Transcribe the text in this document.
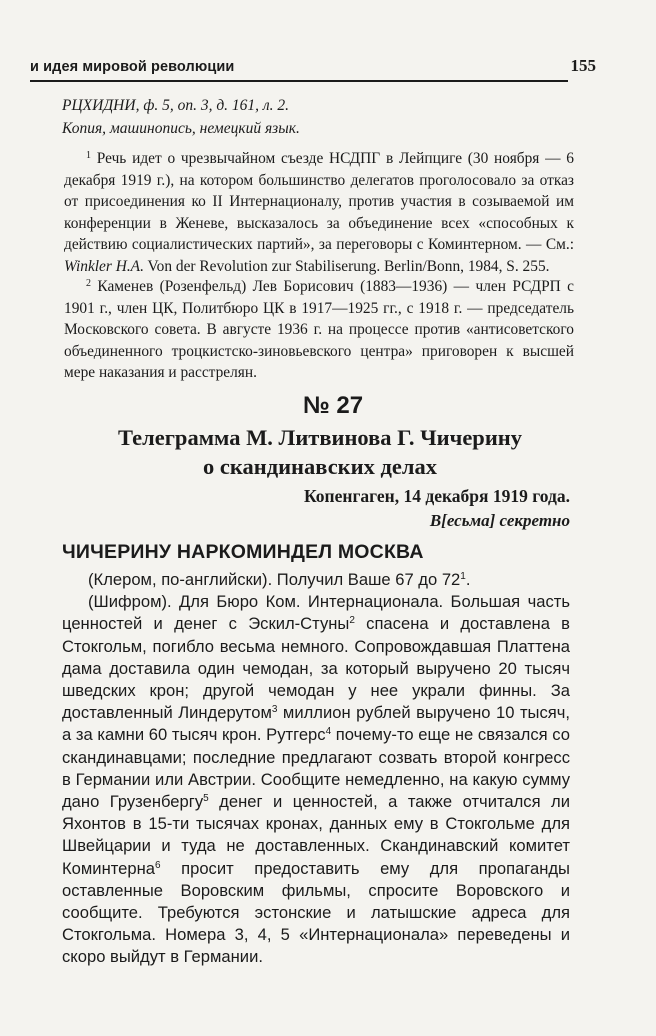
и идея мировой революции	155
РЦХИДНИ, ф. 5, оп. 3, д. 161, л. 2.
Копия, машинопись, немецкий язык.
$^1$ Речь идет о чрезвычайном съезде НСДПГ в Лейпциге (30 ноября — 6 декабря 1919 г.), на котором большинство делегатов проголосовало за отказ от присоединения ко II Интернационалу, против участия в созываемой им конференции в Женеве, высказалось за объединение всех «способных к действию социалистических партий», за переговоры с Коминтерном. — См.: Winkler H.A. Von der Revolution zur Stabiliserung. Berlin/Bonn, 1984, S. 255.
$^2$ Каменев (Розенфельд) Лев Борисович (1883—1936) — член РСДРП с 1901 г., член ЦК, Политбюро ЦК в 1917—1925 гг., с 1918 г. — председатель Московского совета. В августе 1936 г. на процессе против «антисоветского объединенного троцкистско-зиновьевского центра» приговорен к высшей мере наказания и расстрелян.
№ 27
Телеграмма М. Литвинова Г. Чичерину
о скандинавских делах
Копенгаген, 14 декабря 1919 года.
В[есьма] секретно
ЧИЧЕРИНУ НАРКОМИНДЕЛ МОСКВА

(Клером, по-английски). Получил Ваше 67 до $72^1$.

(Шифром). Для Бюро Ком. Интернационала. Большая часть ценностей и денег с Эскил-Стуны$^2$ спасена и доставлена в Стокгольм, погибло весьма немного. Сопровождавшая Платтена дама доставила один чемодан, за который выручено 20 тысяч шведских крон; другой чемодан у нее украли финны. За доставленный Линдерутом$^3$ миллион рублей выручено 10 тысяч, а за камни 60 тысяч крон. Рутгерс$^4$ почему-то еще не связался со скандинавцами; последние предлагают созвать второй конгресс в Германии или Австрии. Сообщите немедленно, на какую сумму дано Грузенбергу$^5$ денег и ценностей, а также отчитался ли Яхонтов в 15-ти тысячах кронах, данных ему в Стокгольме для Швейцарии и туда не доставленных. Скандинавский комитет Коминтерна$^6$ просит предоставить ему для пропаганды оставленные Воровским фильмы, спросите Воровского и сообщите. Требуются эстонские и латышские адреса для Стокгольма. Номера 3, 4, 5 «Интернационала» переведены и скоро выйдут в Германии.
